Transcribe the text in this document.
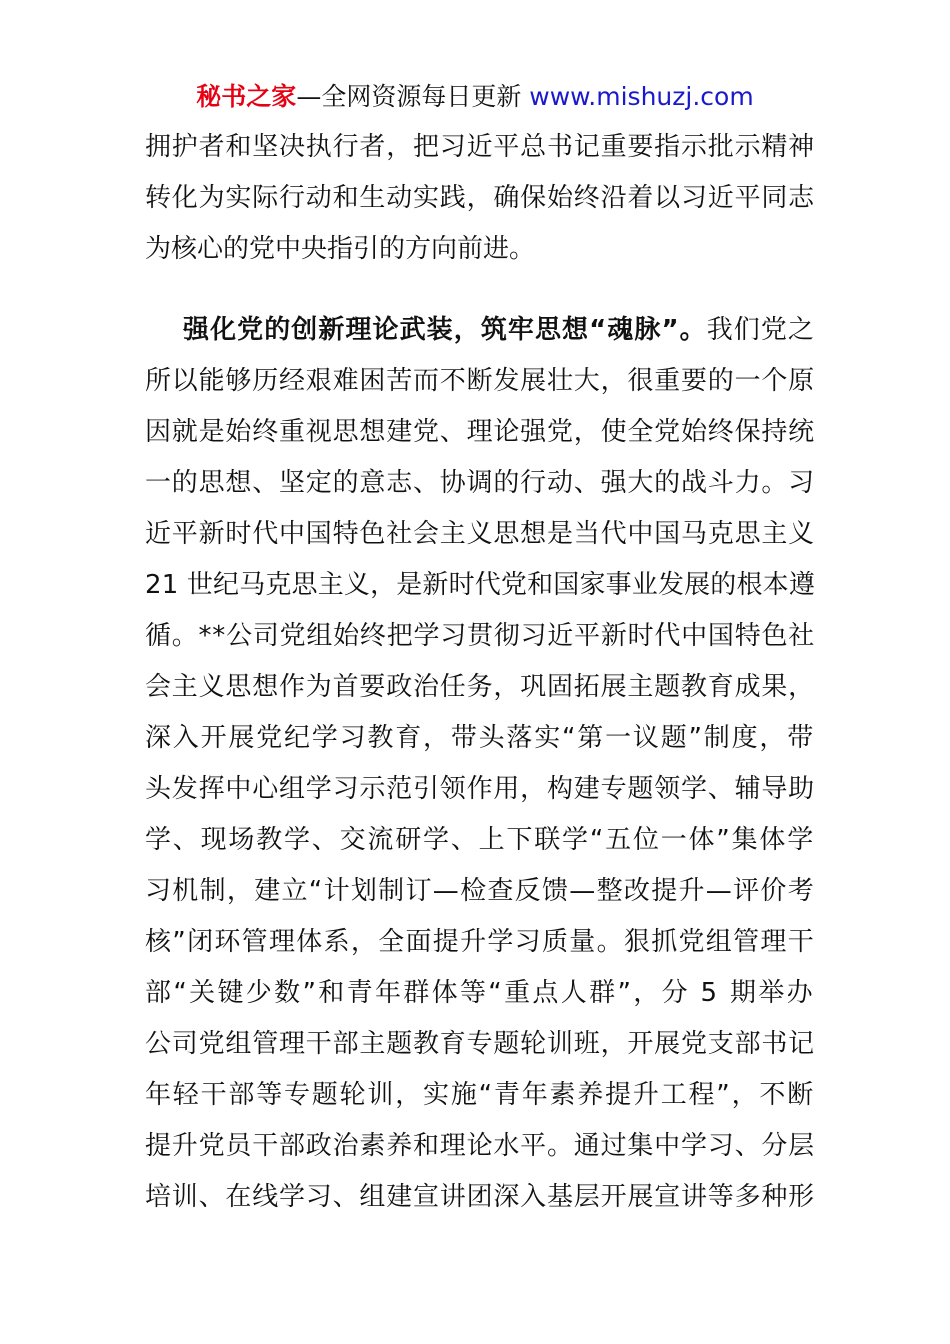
秘书之家—全网资源每日更新 www.mishuzj.com
拥护者和坚决执行者，把习近平总书记重要指示批示精神
转化为实际行动和生动实践，确保始终沿着以习近平同志
为核心的党中央指引的方向前进。
强化党的创新理论武装，筑牢思想“魂脉”。我们党之
所以能够历经艰难困苦而不断发展壮大，很重要的一个原
因就是始终重视思想建党、理论强党，使全党始终保持统
一的思想、坚定的意志、协调的行动、强大的战斗力。习
近平新时代中国特色社会主义思想是当代中国马克思主义
21 世纪马克思主义，是新时代党和国家事业发展的根本遵
循。**公司党组始终把学习贯彻习近平新时代中国特色社
会主义思想作为首要政治任务，巩固拓展主题教育成果，
深入开展党纪学习教育，带头落实“第一议题”制度，带
头发挥中心组学习示范引领作用，构建专题领学、辅导助
学、现场教学、交流研学、上下联学“五位一体”集体学
习机制，建立“计划制订—检查反馈—整改提升—评价考
核”闭环管理体系，全面提升学习质量。狠抓党组管理干
部“关键少数”和青年群体等“重点人群”，分 5 期举办
公司党组管理干部主题教育专题轮训班，开展党支部书记
年轻干部等专题轮训，实施“青年素养提升工程”，不断
提升党员干部政治素养和理论水平。通过集中学习、分层
培训、在线学习、组建宣讲团深入基层开展宣讲等多种形
